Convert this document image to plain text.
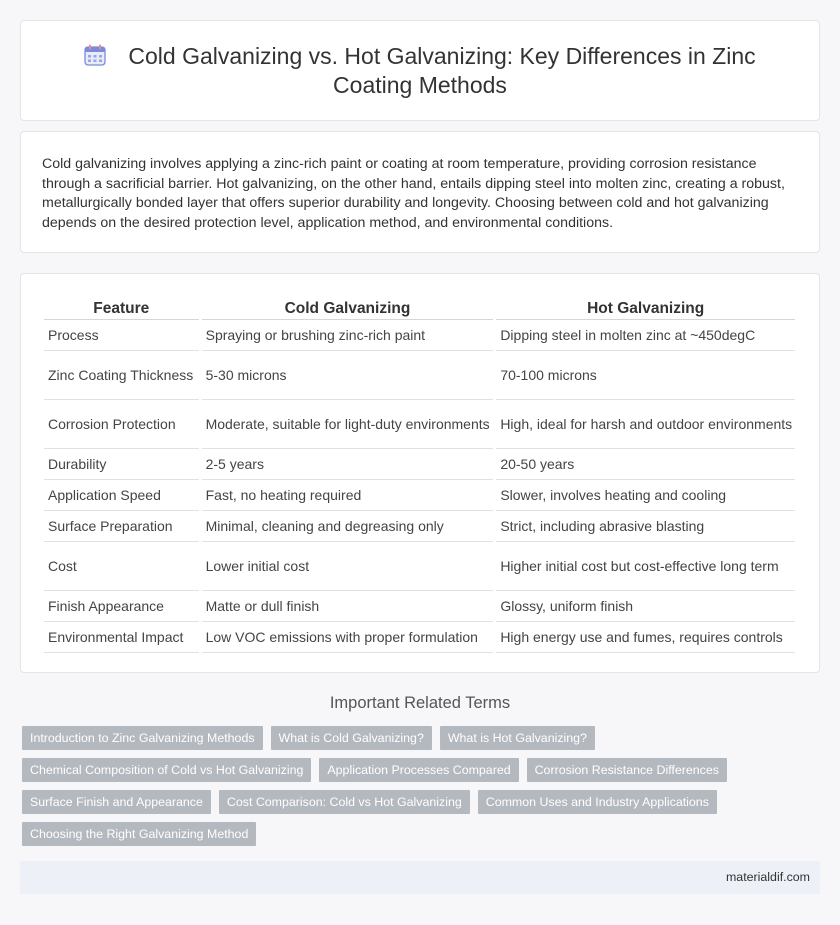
Cold Galvanizing vs. Hot Galvanizing: Key Differences in Zinc Coating Methods

Cold galvanizing involves applying a zinc-rich paint or coating at room temperature, providing corrosion resistance through a sacrificial barrier. Hot galvanizing, on the other hand, entails dipping steel into molten zinc, creating a robust, metallurgically bonded layer that offers superior durability and longevity. Choosing between cold and hot galvanizing depends on the desired protection level, application method, and environmental conditions.

Feature	Cold Galvanizing	Hot Galvanizing
Process	Spraying or brushing zinc-rich paint	Dipping steel in molten zinc at ~450degC
Zinc Coating Thickness	5-30 microns	70-100 microns
Corrosion Protection	Moderate, suitable for light-duty environments	High, ideal for harsh and outdoor environments
Durability	2-5 years	20-50 years
Application Speed	Fast, no heating required	Slower, involves heating and cooling
Surface Preparation	Minimal, cleaning and degreasing only	Strict, including abrasive blasting
Cost	Lower initial cost	Higher initial cost but cost-effective long term
Finish Appearance	Matte or dull finish	Glossy, uniform finish
Environmental Impact	Low VOC emissions with proper formulation	High energy use and fumes, requires controls
Important Related Terms
Introduction to Zinc Galvanizing Methods	What is Cold Galvanizing?	What is Hot Galvanizing?
Chemical Composition of Cold vs Hot Galvanizing	Application Processes Compared	Corrosion Resistance Differences
Surface Finish and Appearance	Cost Comparison: Cold vs Hot Galvanizing	Common Uses and Industry Applications
Choosing the Right Galvanizing Method
materialdif.com
